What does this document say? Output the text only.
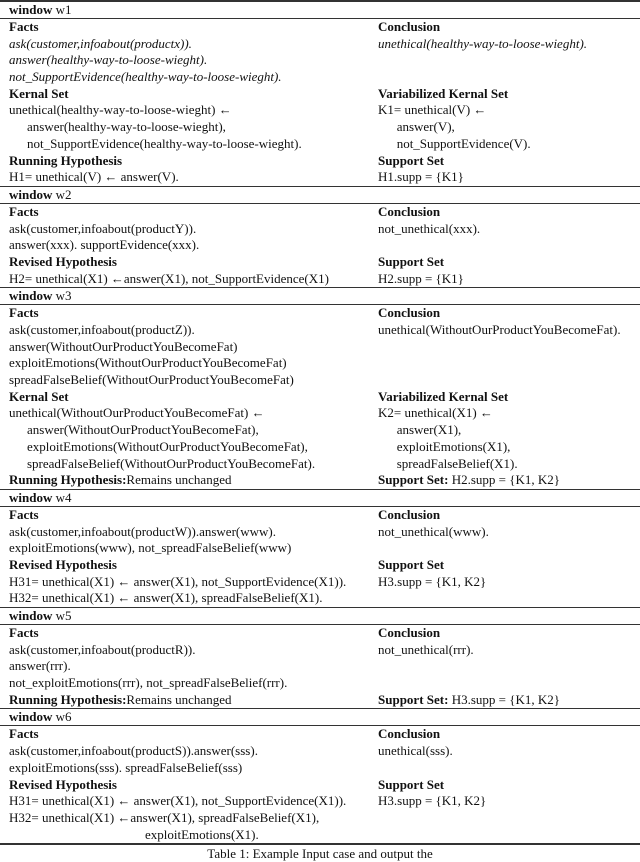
window w1
Facts	Conclusion
ask(customer,infoabout(productx)).	unethical(healthy-way-to-loose-wieght).
answer(healthy-way-to-loose-wieght).
not_SupportEvidence(healthy-way-to-loose-wieght).
Kernal Set	Variabilized Kernal Set
unethical(healthy-way-to-loose-wieght) ←	K1= unethical(V) ←
answer(healthy-way-to-loose-wieght),	answer(V),
not_SupportEvidence(healthy-way-to-loose-wieght).	not_SupportEvidence(V).
Running Hypothesis	Support Set
H1= unethical(V) ← answer(V).	H1.supp = {K1}
window w2
Facts	Conclusion
ask(customer,infoabout(productY)).	not_unethical(xxx).
answer(xxx). supportEvidence(xxx).
Revised Hypothesis	Support Set
H2= unethical(X1) ←answer(X1), not_SupportEvidence(X1)	H2.supp = {K1}
window w3
Facts	Conclusion
ask(customer,infoabout(productZ)).	unethical(WithoutOurProductYouBecomeFat).
answer(WithoutOurProductYouBecomeFat)
exploitEmotions(WithoutOurProductYouBecomeFat)
spreadFalseBelief(WithoutOurProductYouBecomeFat)
Kernal Set	Variabilized Kernal Set
unethical(WithoutOurProductYouBecomeFat) ←	K2= unethical(X1) ←
answer(WithoutOurProductYouBecomeFat),	answer(X1),
exploitEmotions(WithoutOurProductYouBecomeFat),	exploitEmotions(X1),
spreadFalseBelief(WithoutOurProductYouBecomeFat).	spreadFalseBelief(X1).
Running Hypothesis:Remains unchanged	Support Set: H2.supp = {K1, K2}
window w4
Facts	Conclusion
ask(customer,infoabout(productW)).answer(www).	not_unethical(www).
exploitEmotions(www), not_spreadFalseBelief(www)
Revised Hypothesis	Support Set
H31= unethical(X1) ← answer(X1), not_SupportEvidence(X1)).	H3.supp = {K1, K2}
H32= unethical(X1) ← answer(X1), spreadFalseBelief(X1).
window w5
Facts	Conclusion
ask(customer,infoabout(productR)).	not_unethical(rrr).
answer(rrr).
not_exploitEmotions(rrr), not_spreadFalseBelief(rrr).
Running Hypothesis:Remains unchanged	Support Set: H3.supp = {K1, K2}
window w6
Facts	Conclusion
ask(customer,infoabout(productS)).answer(sss).	unethical(sss).
exploitEmotions(sss). spreadFalseBelief(sss)
Revised Hypothesis	Support Set
H31= unethical(X1) ← answer(X1), not_SupportEvidence(X1)).	H3.supp = {K1, K2}
H32= unethical(X1) ←answer(X1), spreadFalseBelief(X1),
exploitEmotions(X1).
Table 1: Example Input case and output the
